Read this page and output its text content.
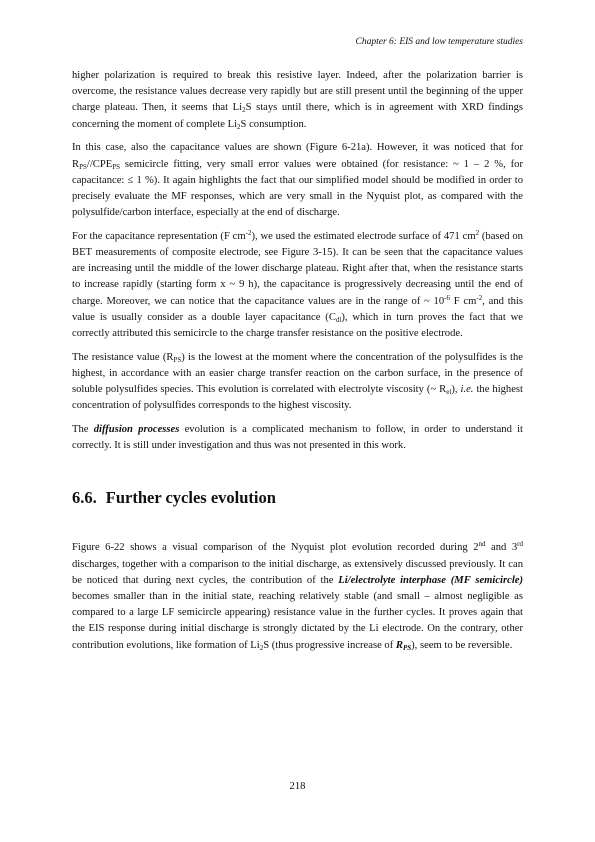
Chapter 6: EIS and low temperature studies

higher polarization is required to break this resistive layer. Indeed, after the polarization barrier is overcome, the resistance values decrease very rapidly but are still present until the beginning of the upper charge plateau. Then, it seems that $Li_2S$ stays until there, which is in agreement with XRD findings concerning the moment of complete $Li_2S$ consumption.

In this case, also the capacitance values are shown (Figure 6-21a). However, it was noticed that for $R_{PS}//CPE_{PS}$ semicircle fitting, very small error values were obtained (for resistance: ~ 1 – 2 %, for capacitance: ≤ 1 %). It again highlights the fact that our simplified model should be modified in order to precisely evaluate the MF responses, which are very small in the Nyquist plot, as compared with the polysulfide/carbon interface, especially at the end of discharge.

For the capacitance representation (F $cm^{-2}$), we used the estimated electrode surface of 471 $cm^2$ (based on BET measurements of composite electrode, see Figure 3-15). It can be seen that the capacitance values are increasing until the middle of the lower discharge plateau. Right after that, when the resistance starts to increase rapidly (starting form x ~ 9 h), the capacitance is progressively decreasing until the end of charge. Moreover, we can notice that the capacitance values are in the range of ~ $10^{-6}$ F $cm^{-2}$, and this value is usually consider as a double layer capacitance $(C_{dl})$, which in turn proves the fact that we correctly attributed this semicircle to the charge transfer resistance on the positive electrode.

The resistance value $(R_{PS})$ is the lowest at the moment where the concentration of the polysulfides is the highest, in accordance with an easier charge transfer reaction on the carbon surface, in the presence of soluble polysulfides species. This evolution is correlated with electrolyte viscosity (~ $R_{el}$), i.e. the highest concentration of polysulfides corresponds to the highest viscosity.

The diffusion processes evolution is a complicated mechanism to follow, in order to understand it correctly. It is still under investigation and thus was not presented in this work.

6.6. Further cycles evolution

Figure 6-22 shows a visual comparison of the Nyquist plot evolution recorded during 2nd and 3rd discharges, together with a comparison to the initial discharge, as extensively discussed previously. It can be noticed that during next cycles, the contribution of the Li/electrolyte interphase (MF semicircle) becomes smaller than in the initial state, reaching relatively stable (and small – almost negligible as compared to a large LF semicircle appearing) resistance value in the further cycles. It proves again that the EIS response during initial discharge is strongly dictated by the Li electrode. On the contrary, other contribution evolutions, like formation of $Li_2S$ (thus progressive increase of $R_{PS}$), seem to be reversible.

218
